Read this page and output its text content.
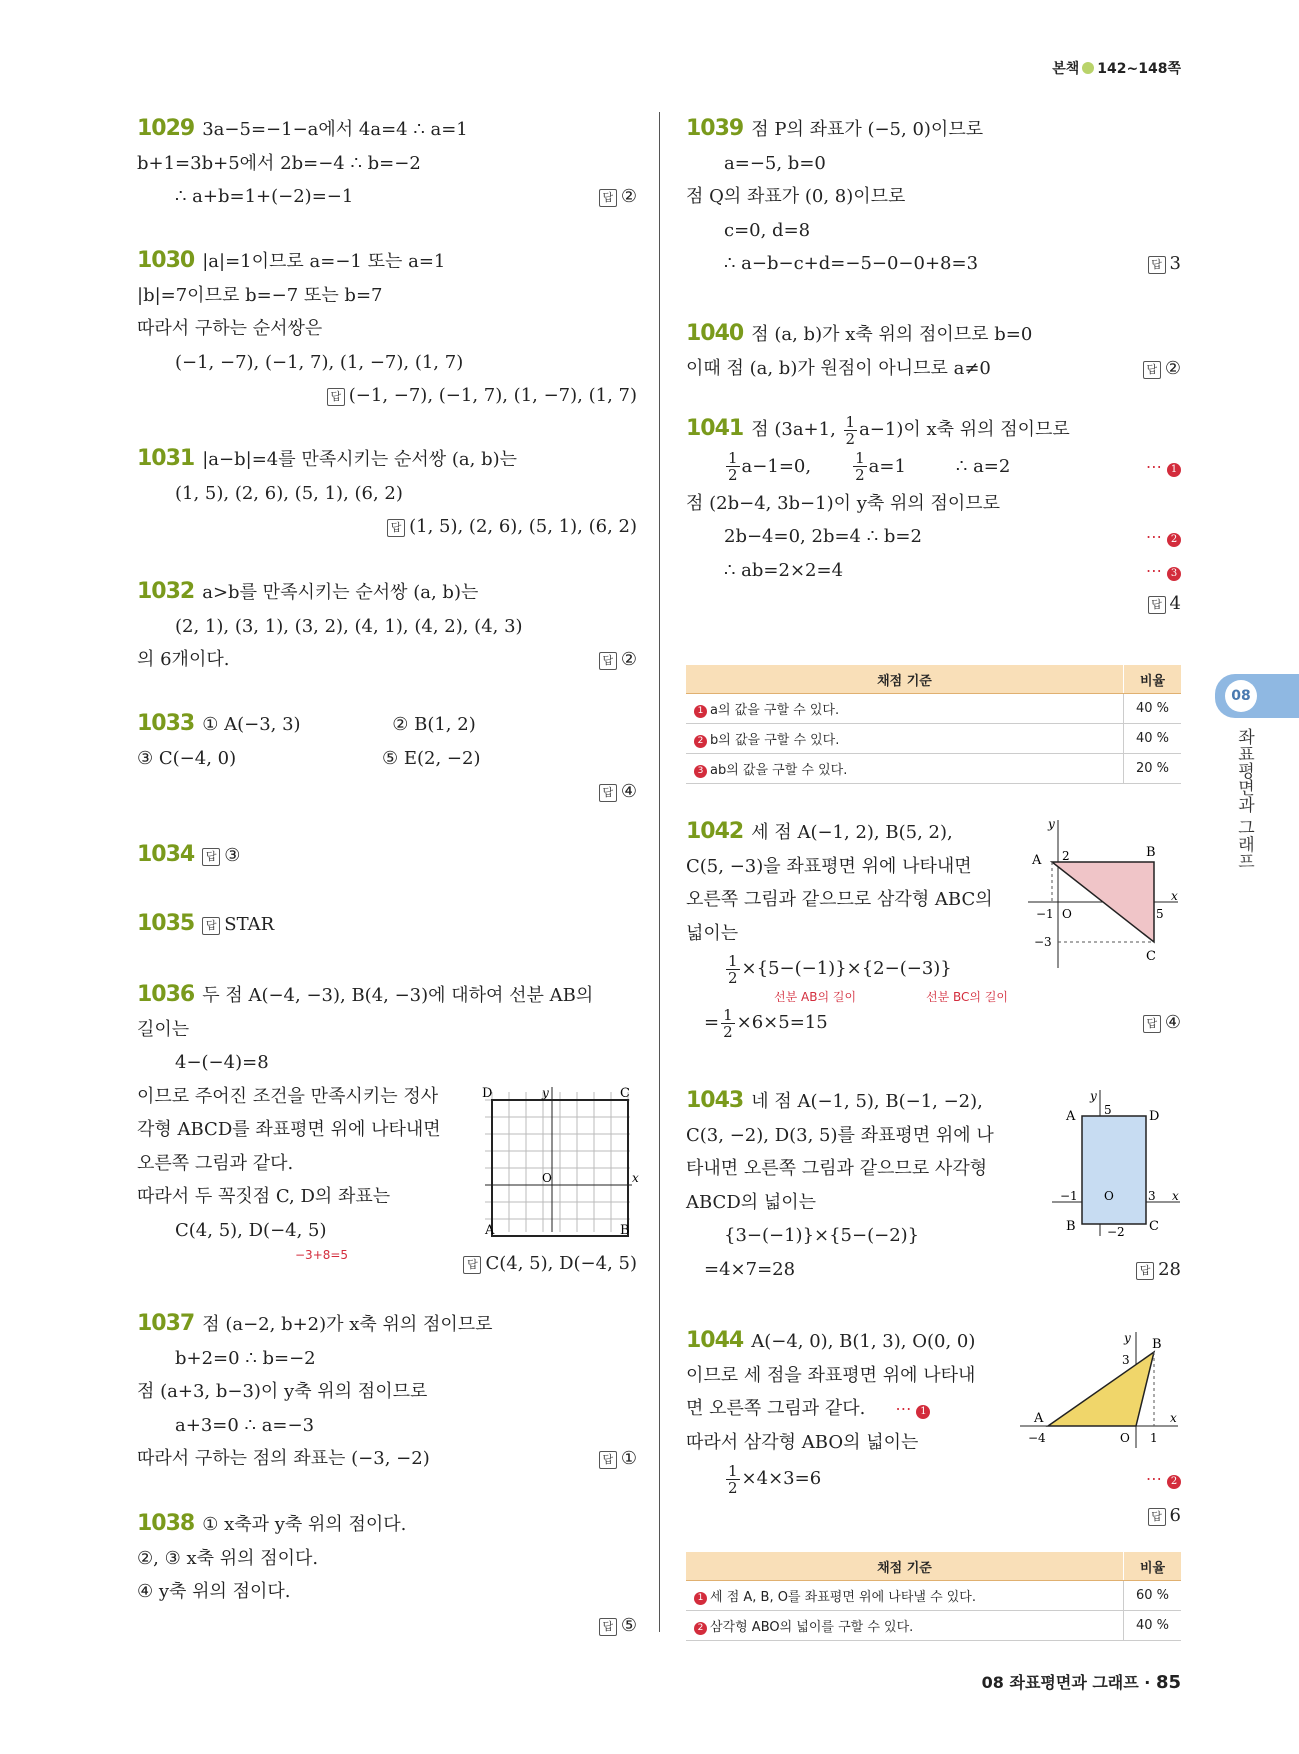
본책 142~148쪽
08
좌표평면과 그래프
1029 3a−5=−1−a에서 4a=4 ∴ a=1
b+1=3b+5에서 2b=−4 ∴ b=−2
∴ a+b=1+(−2)=−1	답 ②
1030 |a|=1이므로 a=−1 또는 a=1
|b|=7이므로 b=−7 또는 b=7
따라서 구하는 순서쌍은
(−1, −7), (−1, 7), (1, −7), (1, 7)
답 (−1, −7), (−1, 7), (1, −7), (1, 7)
1031 |a−b|=4를 만족시키는 순서쌍 (a, b)는
(1, 5), (2, 6), (5, 1), (6, 2)
답 (1, 5), (2, 6), (5, 1), (6, 2)
1032 a>b를 만족시키는 순서쌍 (a, b)는
(2, 1), (3, 1), (3, 2), (4, 1), (4, 2), (4, 3)
의 6개이다.	답 ②
1033 ① A(−3, 3)	② B(1, 2)
③ C(−4, 0)	⑤ E(2, −2)
답 ④
1034 답 ③
1035 답 STAR
1036 두 점 A(−4, −3), B(4, −3)에 대하여 선분 AB의
길이는
4−(−4)=8
이므로 주어진 조건을 만족시키는 정사
각형 ABCD를 좌표평면 위에 나타내면
오른쪽 그림과 같다.
따라서 두 꼭짓점 C, D의 좌표는
C(4, 5), D(−4, 5)
−3+8=5
답 C(4, 5), D(−4, 5)
1037 점 (a−2, b+2)가 x축 위의 점이므로
b+2=0 ∴ b=−2
점 (a+3, b−3)이 y축 위의 점이므로
a+3=0 ∴ a=−3
따라서 구하는 점의 좌표는 (−3, −2)	답 ①
1038 ① x축과 y축 위의 점이다.
②, ③ x축 위의 점이다.
④ y축 위의 점이다.
답 ⑤
D	C
A	B
y
x
O
1039 점 P의 좌표가 (−5, 0)이므로
a=−5, b=0
점 Q의 좌표가 (0, 8)이므로
c=0, d=8
∴ a−b−c+d=−5−0−0+8=3	답 3
1040 점 (a, b)가 x축 위의 점이므로 b=0
이때 점 (a, b)가 원점이 아니므로 a≠0	답 ②
1041 점 (3a+1, $\frac{1}{2} a-1$)이 x축 위의 점이므로
$\frac{1}{2} a-1=0$,	$\frac{1}{2} a=1$	∴ a=2	⋯ 1
점 (2b−4, 3b−1)이 y축 위의 점이므로
2b−4=0, 2b=4 ∴ b=2	⋯ 2
∴ ab=2×2=4	⋯ 3
답 4
채점 기준	비율
1 a의 값을 구할 수 있다.	40 %
2 b의 값을 구할 수 있다.	40 %
3 ab의 값을 구할 수 있다.	20 %
1042 세 점 A(−1, 2), B(5, 2),
C(5, −3)을 좌표평면 위에 나타내면
오른쪽 그림과 같으므로 삼각형 ABC의
넓이는
$\frac{1}{2} \times\{5-(-1)\}\times\{2-(-3)\}$
선분 AB의 길이	선분 BC의 길이
= $\frac{1}{2} \times 6\times 5=15$	답 ④
1043 네 점 A(−1, 5), B(−1, −2),
C(3, −2), D(3, 5)를 좌표평면 위에 나
타내면 오른쪽 그림과 같으므로 사각형
ABCD의 넓이는
{3−(−1)}×{5−(−2)}
=4×7=28	답 28
1044 A(−4, 0), B(1, 3), O(0, 0)
이므로 세 점을 좌표평면 위에 나타내
면 오른쪽 그림과 같다. ⋯ 1
따라서 삼각형 ABO의 넓이는
$\frac{1}{2} \times 4\times 3=6$	⋯ 2
답 6
채점 기준	비율
1 세 점 A, B, O를 좌표평면 위에 나타낼 수 있다.	60 %
2 삼각형 ABO의 넓이를 구할 수 있다.	40 %
A
B
C
2
−1 O	5
x
y
−3
A	D
B	C
5
−1 O	3
−2
x
y
A
B
3
−4	O 1
x
y
08 좌표평면과 그래프 · 85
